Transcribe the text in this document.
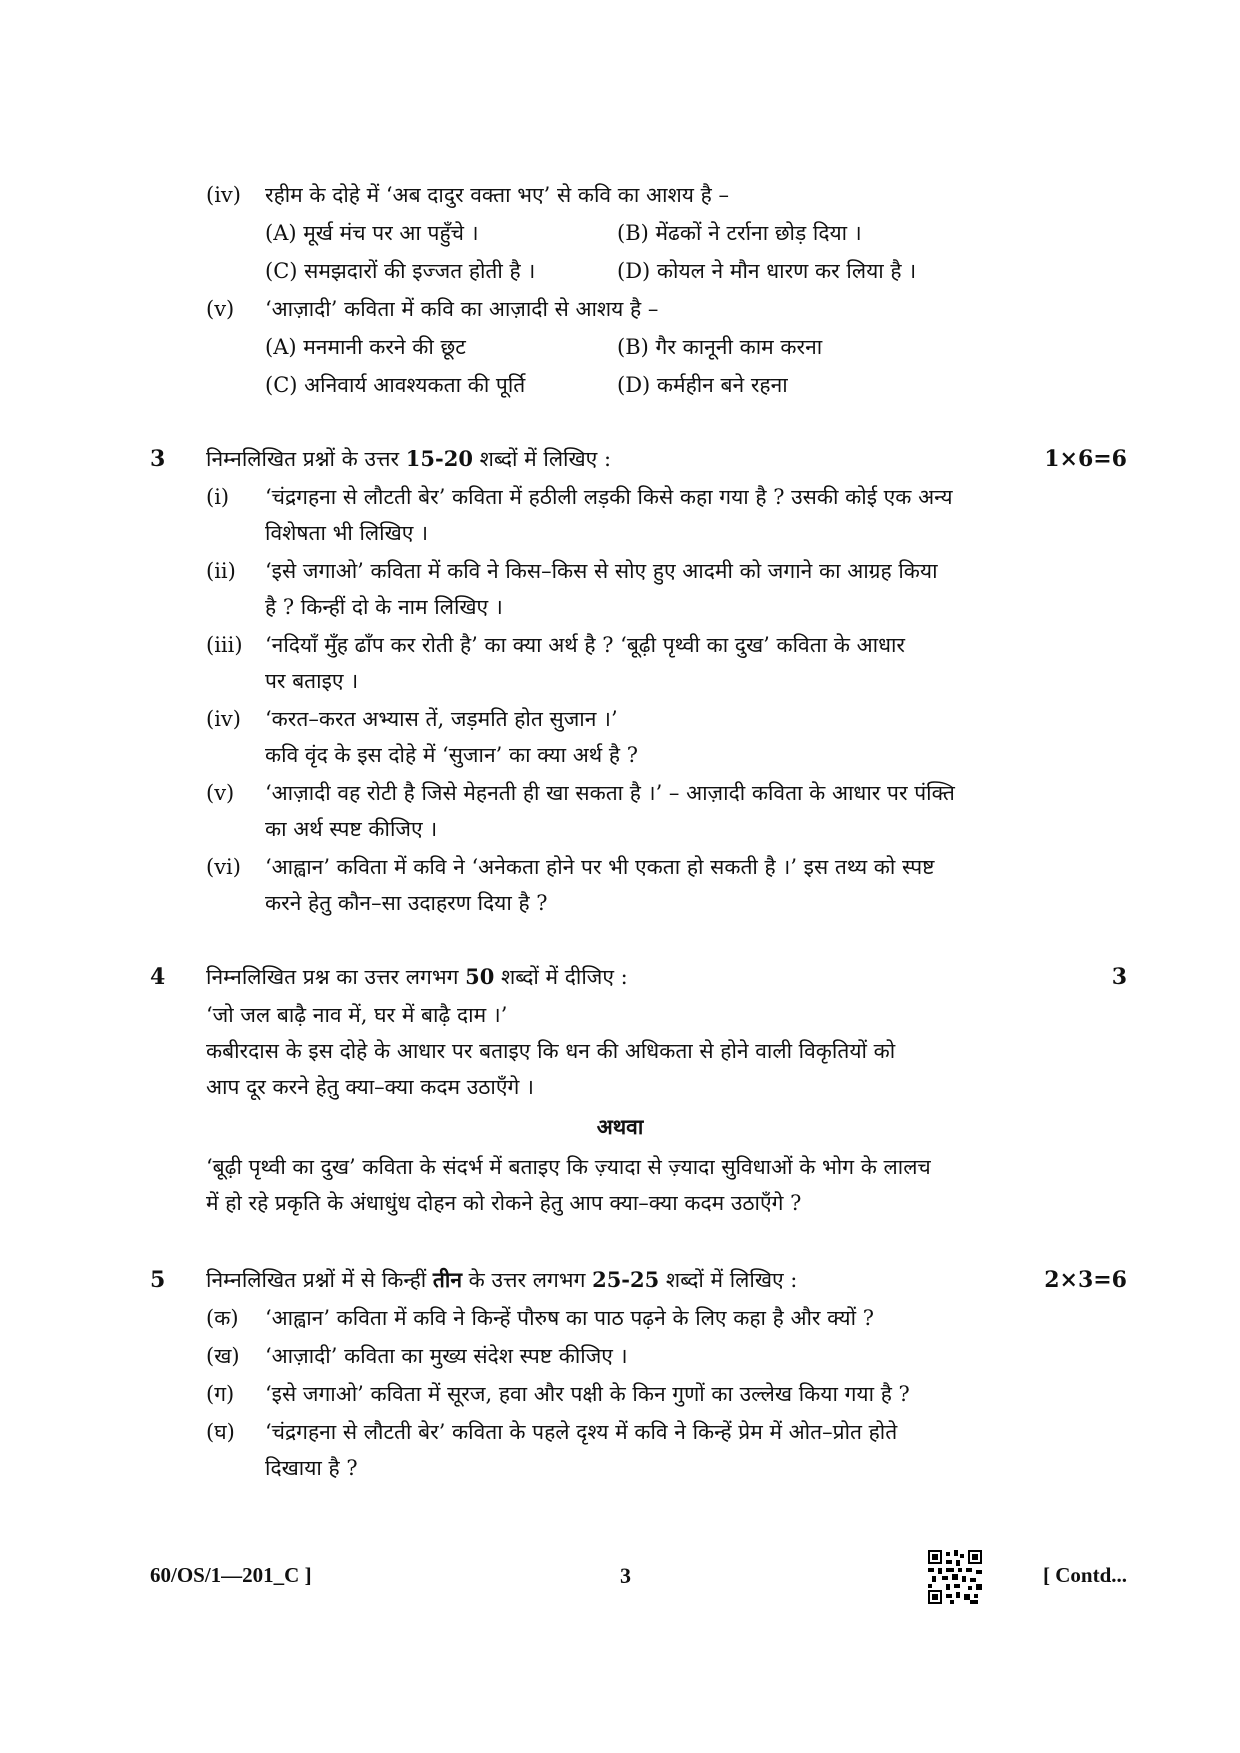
(iv) रहीम के दोहे में ‘अब दादुर वक्ता भए’ से कवि का आशय है –
(A) मूर्ख मंच पर आ पहुँचे ।	(B) मेंढकों ने टर्राना छोड़ दिया ।
(C) समझदारों की इज्जत होती है ।	(D) कोयल ने मौन धारण कर लिया है ।
(v) ‘आज़ादी’ कविता में कवि का आज़ादी से आशय है –
(A) मनमानी करने की छूट	(B) गैर कानूनी काम करना
(C) अनिवार्य आवश्यकता की पूर्ति	(D) कर्महीन बने रहना
3 निम्नलिखित प्रश्नों के उत्तर 15-20 शब्दों में लिखिए :	1×6=6
(i) ‘चंद्रगहना से लौटती बेर’ कविता में हठीली लड़की किसे कहा गया है ? उसकी कोई एक अन्य
विशेषता भी लिखिए ।
(ii) ‘इसे जगाओ’ कविता में कवि ने किस–किस से सोए हुए आदमी को जगाने का आग्रह किया
है ? किन्हीं दो के नाम लिखिए ।
(iii) ‘नदियाँ मुँह ढाँप कर रोती है’ का क्या अर्थ है ? ‘बूढ़ी पृथ्वी का दुख’ कविता के आधार
पर बताइए ।
(iv) ‘करत–करत अभ्यास तें, जड़मति होत सुजान ।’
कवि वृंद के इस दोहे में ‘सुजान’ का क्या अर्थ है ?
(v) ‘आज़ादी वह रोटी है जिसे मेहनती ही खा सकता है ।’ – आज़ादी कविता के आधार पर पंक्ति
का अर्थ स्पष्ट कीजिए ।
(vi) ‘आह्वान’ कविता में कवि ने ‘अनेकता होने पर भी एकता हो सकती है ।’ इस तथ्य को स्पष्ट
करने हेतु कौन–सा उदाहरण दिया है ?
4 निम्नलिखित प्रश्न का उत्तर लगभग 50 शब्दों में दीजिए :	3
‘जो जल बाढ़ै नाव में, घर में बाढ़ै दाम ।’
कबीरदास के इस दोहे के आधार पर बताइए कि धन की अधिकता से होने वाली विकृतियों को
आप दूर करने हेतु क्या–क्या कदम उठाएँगे ।
अथवा
‘बूढ़ी पृथ्वी का दुख’ कविता के संदर्भ में बताइए कि ज़्यादा से ज़्यादा सुविधाओं के भोग के लालच
में हो रहे प्रकृति के अंधाधुंध दोहन को रोकने हेतु आप क्या–क्या कदम उठाएँगे ?
5 निम्नलिखित प्रश्नों में से किन्हीं तीन के उत्तर लगभग 25-25 शब्दों में लिखिए :	2×3=6
(क) ‘आह्वान’ कविता में कवि ने किन्हें पौरुष का पाठ पढ़ने के लिए कहा है और क्यों ?
(ख) ‘आज़ादी’ कविता का मुख्य संदेश स्पष्ट कीजिए ।
(ग) ‘इसे जगाओ’ कविता में सूरज, हवा और पक्षी के किन गुणों का उल्लेख किया गया है ?
(घ) ‘चंद्रगहना से लौटती बेर’ कविता के पहले दृश्य में कवि ने किन्हें प्रेम में ओत–प्रोत होते
दिखाया है ?
60/OS/1—201_C ]	3	[ Contd...
